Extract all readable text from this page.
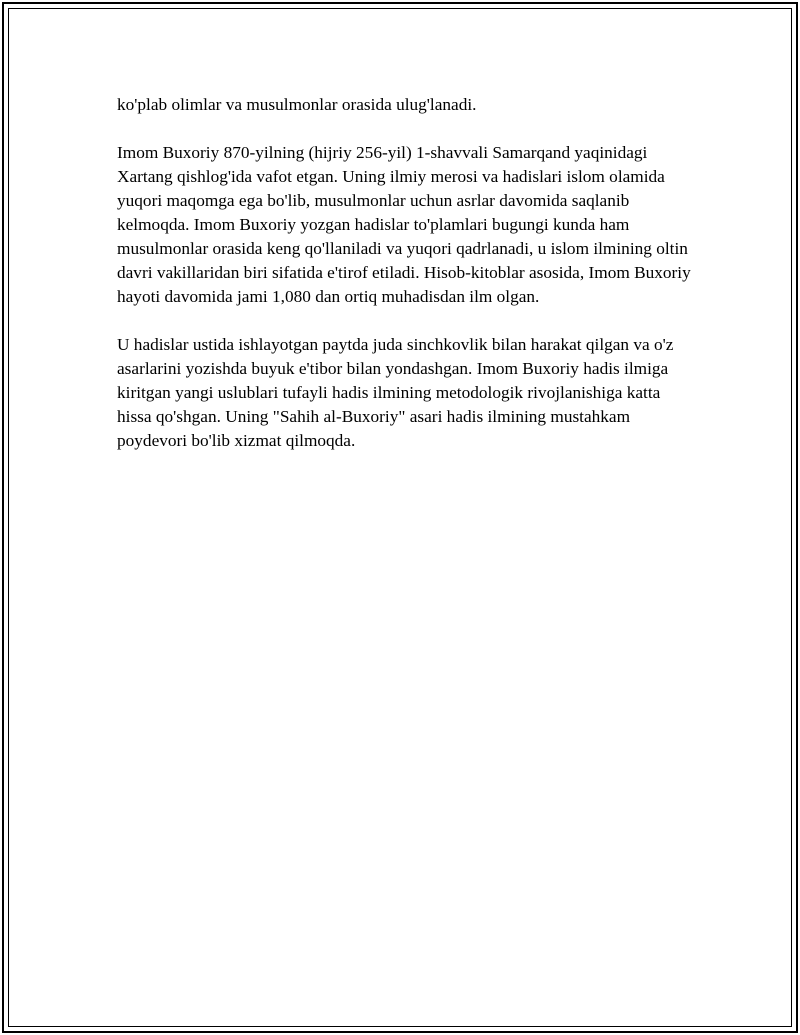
ko'plab olimlar va musulmonlar orasida ulug'lanadi.

Imom Buxoriy 870-yilning (hijriy 256-yil) 1-shavvali Samarqand yaqinidagi Xartang qishlog'ida vafot etgan. Uning ilmiy merosi va hadislari islom olamida yuqori maqomga ega bo'lib, musulmonlar uchun asrlar davomida saqlanib kelmoqda. Imom Buxoriy yozgan hadislar to'plamlari bugungi kunda ham musulmonlar orasida keng qo'llaniladi va yuqori qadrlanadi, u islom ilmining oltin davri vakillaridan biri sifatida e'tirof etiladi. Hisob-kitoblar asosida, Imom Buxoriy hayoti davomida jami 1,080 dan ortiq muhadisdan ilm olgan.

U hadislar ustida ishlayotgan paytda juda sinchkovlik bilan harakat qilgan va o'z asarlarini yozishda buyuk e'tibor bilan yondashgan. Imom Buxoriy hadis ilmiga kiritgan yangi uslublari tufayli hadis ilmining metodologik rivojlanishiga katta hissa qo'shgan. Uning "Sahih al-Buxoriy" asari hadis ilmining mustahkam poydevori bo'lib xizmat qilmoqda.
